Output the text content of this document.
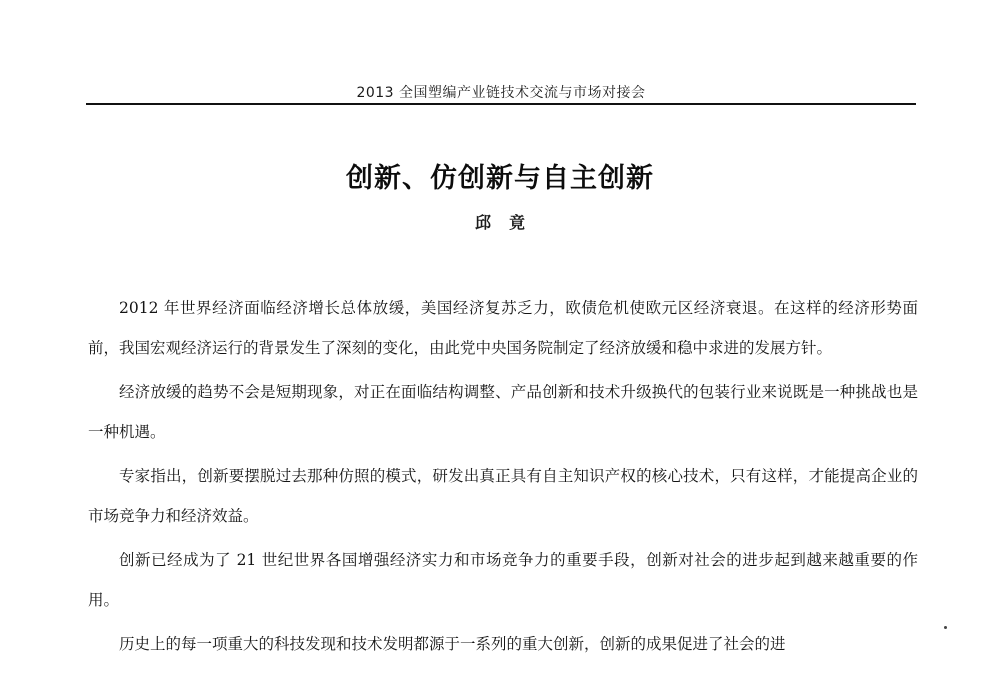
2013 全国塑编产业链技术交流与市场对接会
创新、仿创新与自主创新
邱竟

2012 年世界经济面临经济增长总体放缓，美国经济复苏乏力，欧债危机使欧元区经济衰退。在这样的经济形势面前，我国宏观经济运行的背景发生了深刻的变化，由此党中央国务院制定了经济放缓和稳中求进的发展方针。

经济放缓的趋势不会是短期现象，对正在面临结构调整、产品创新和技术升级换代的包装行业来说既是一种挑战也是一种机遇。

专家指出，创新要摆脱过去那种仿照的模式，研发出真正具有自主知识产权的核心技术，只有这样，才能提高企业的市场竞争力和经济效益。

创新已经成为了 21 世纪世界各国增强经济实力和市场竞争力的重要手段，创新对社会的进步起到越来越重要的作用。

历史上的每一项重大的科技发现和技术发明都源于一系列的重大创新，创新的成果促进了社会的进
